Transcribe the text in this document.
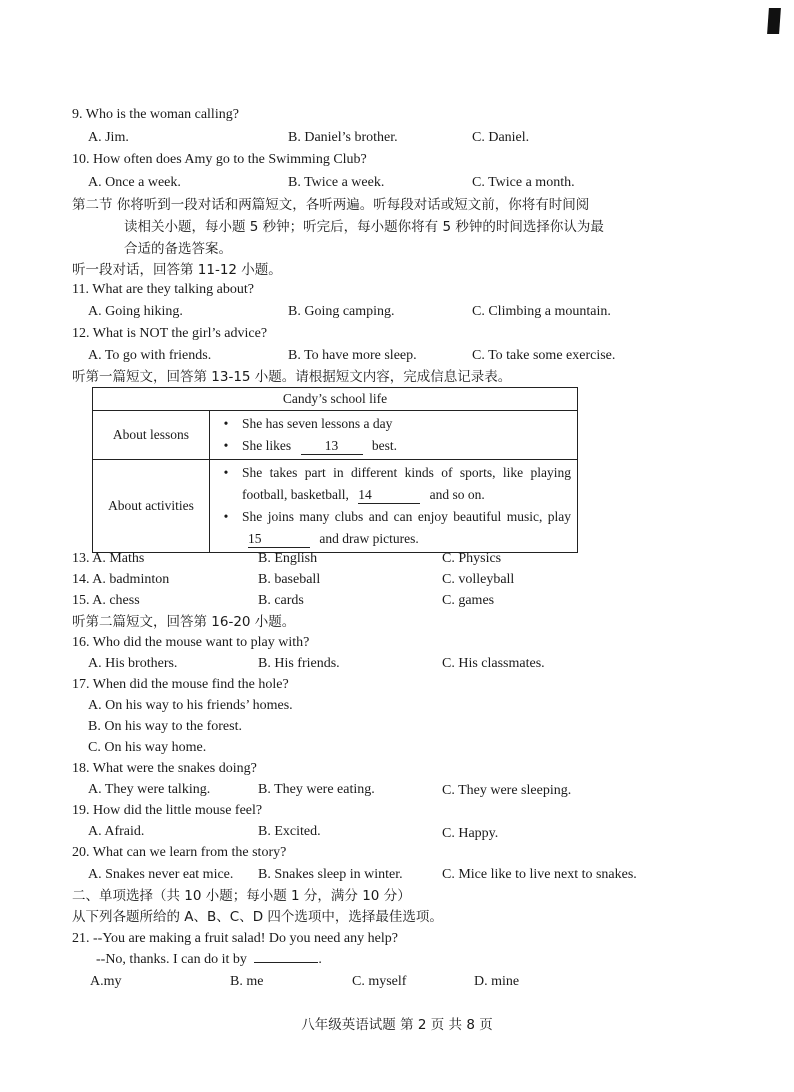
9. Who is the woman calling?
A. Jim.	B. Daniel’s brother.	C. Daniel.
10. How often does Amy go to the Swimming Club?
A. Once a week.	B. Twice a week.	C. Twice a month.
第二节 你将听到一段对话和两篇短文，各听两遍。听每段对话或短文前，你将有时间阅
读相关小题，每小题 5 秒钟；听完后，每小题你将有 5 秒钟的时间选择你认为最
合适的备选答案。
听一段对话，回答第 11-12 小题。
11. What are they talking about?
A. Going hiking.	B. Going camping.	C. Climbing a mountain.
12. What is NOT the girl’s advice?
A. To go with friends.	B. To have more sleep.	C. To take some exercise.
听第一篇短文，回答第 13-15 小题。请根据短文内容，完成信息记录表。
Candy’s school life	
About lessons	• She has seven lessons a day
• She likes 13 best.

About activities	• She takes part in different kinds of sports, like playing football, basketball, 14 and so on.
• She joins many clubs and can enjoy beautiful music, play 15 and draw pictures.
13. A. Maths	B. English	C. Physics
14. A. badminton	B. baseball	C. volleyball
15. A. chess	B. cards	C. games
听第二篇短文，回答第 16-20 小题。
16. Who did the mouse want to play with?
A. His brothers.	B. His friends.	C. His classmates.
17. When did the mouse find the hole?
A. On his way to his friends’ homes.
B. On his way to the forest.
C. On his way home.
18. What were the snakes doing?
A. They were talking.	B. They were eating.	C. They were sleeping.
19. How did the little mouse feel?
A. Afraid.	B. Excited.	C. Happy.
20. What can we learn from the story?
A. Snakes never eat mice. B. Snakes sleep in winter.	C. Mice like to live next to snakes.
二、单项选择（共 10 小题；每小题 1 分，满分 10 分）
从下列各题所给的 A、B、C、D 四个选项中，选择最佳选项。
21. --You are making a fruit salad! Do you need any help?
--No, thanks. I can do it by	.
A.my	B. me	C. myself	D. mine
八年级英语试题 第 2 页 共 8 页
